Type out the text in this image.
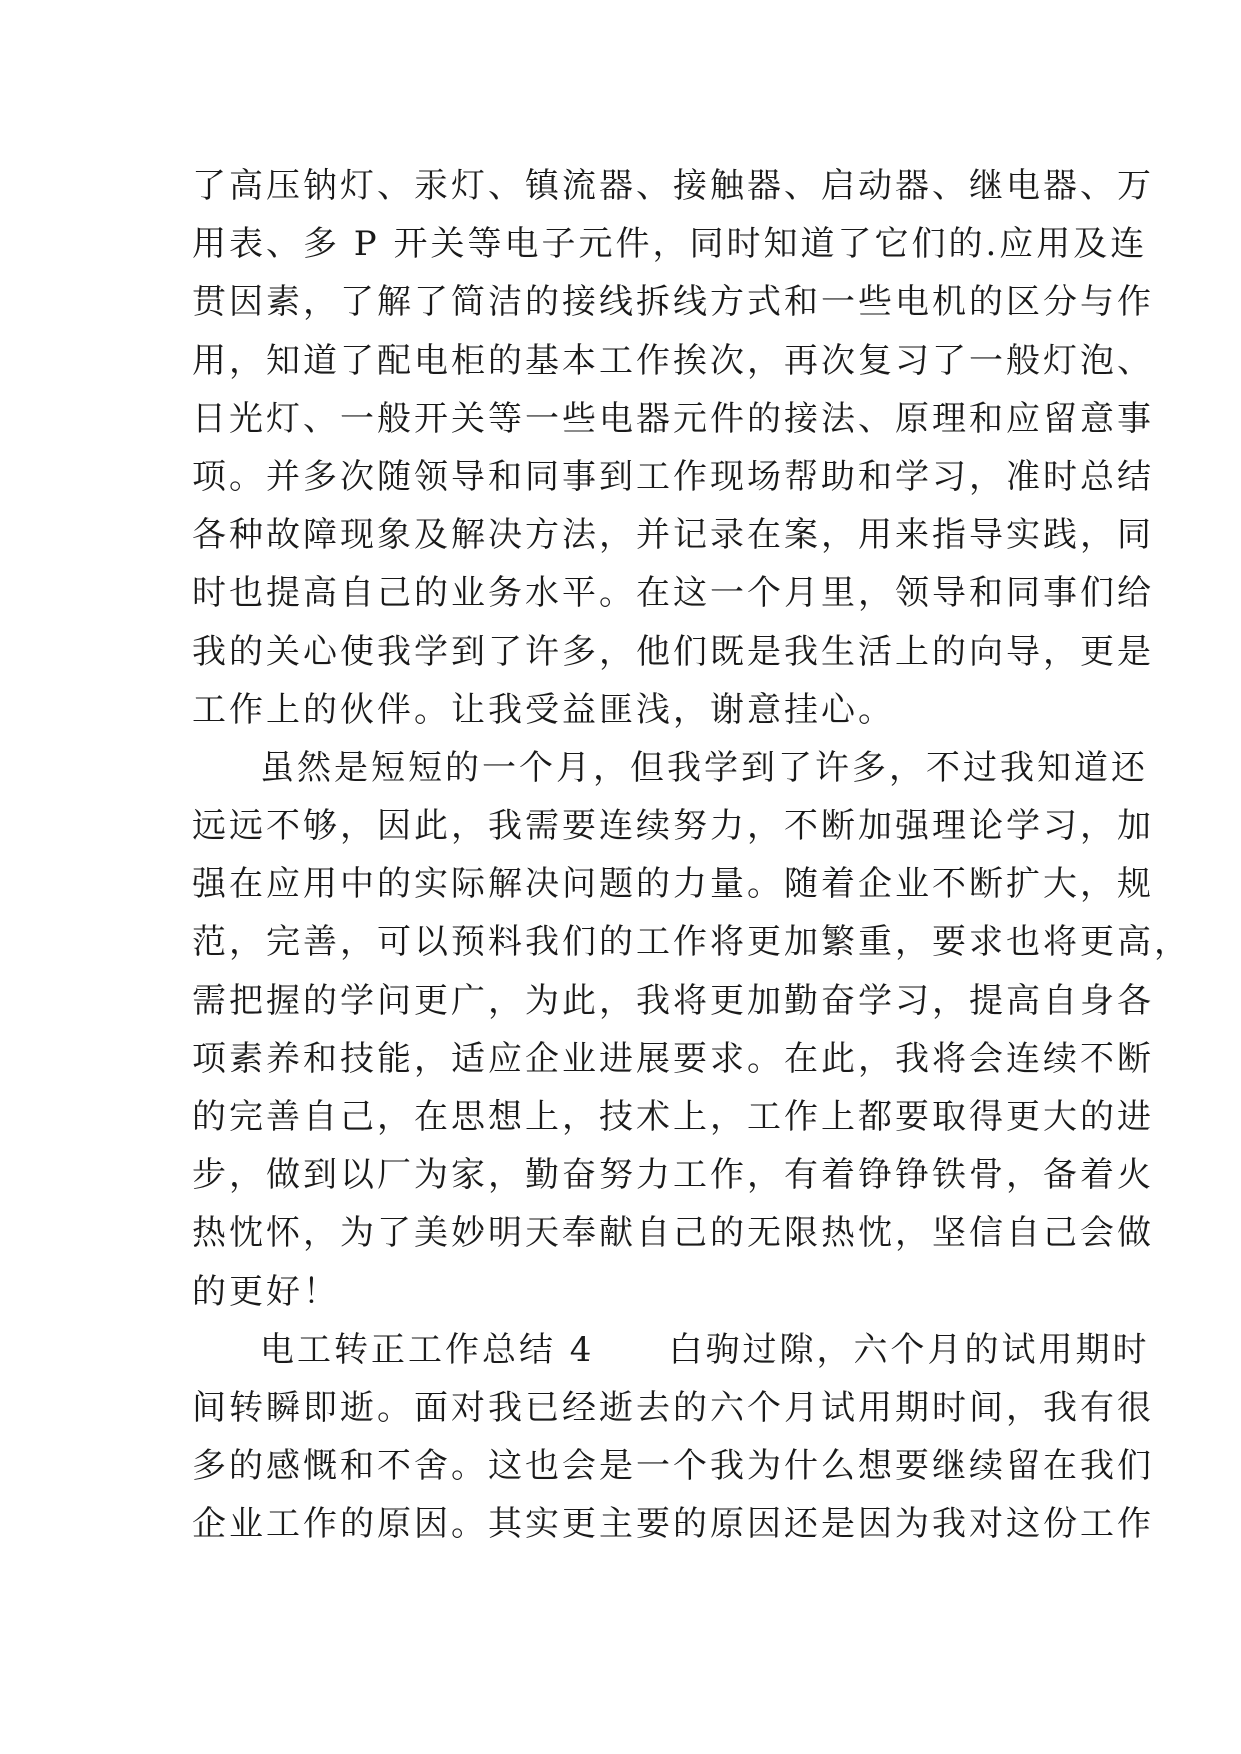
了高压钠灯、汞灯、镇流器、接触器、启动器、继电器、万
用表、多 P 开关等电子元件，同时知道了它们的.应用及连
贯因素，了解了简洁的接线拆线方式和一些电机的区分与作
用，知道了配电柜的基本工作挨次，再次复习了一般灯泡、
日光灯、一般开关等一些电器元件的接法、原理和应留意事
项。并多次随领导和同事到工作现场帮助和学习，准时总结
各种故障现象及解决方法，并记录在案，用来指导实践，同
时也提高自己的业务水平。在这一个月里，领导和同事们给
我的关心使我学到了许多，他们既是我生活上的向导，更是
工作上的伙伴。让我受益匪浅，谢意挂心。
虽然是短短的一个月，但我学到了许多，不过我知道还
远远不够，因此，我需要连续努力，不断加强理论学习，加
强在应用中的实际解决问题的力量。随着企业不断扩大，规
范，完善，可以预料我们的工作将更加繁重，要求也将更高，
需把握的学问更广，为此，我将更加勤奋学习，提高自身各
项素养和技能，适应企业进展要求。在此，我将会连续不断
的完善自己，在思想上，技术上，工作上都要取得更大的进
步，做到以厂为家，勤奋努力工作，有着铮铮铁骨，备着火
热忱怀，为了美妙明天奉献自己的无限热忱，坚信自己会做
的更好！
电工转正工作总结 4　　白驹过隙，六个月的试用期时
间转瞬即逝。面对我已经逝去的六个月试用期时间，我有很
多的感慨和不舍。这也会是一个我为什么想要继续留在我们
企业工作的原因。其实更主要的原因还是因为我对这份工作
